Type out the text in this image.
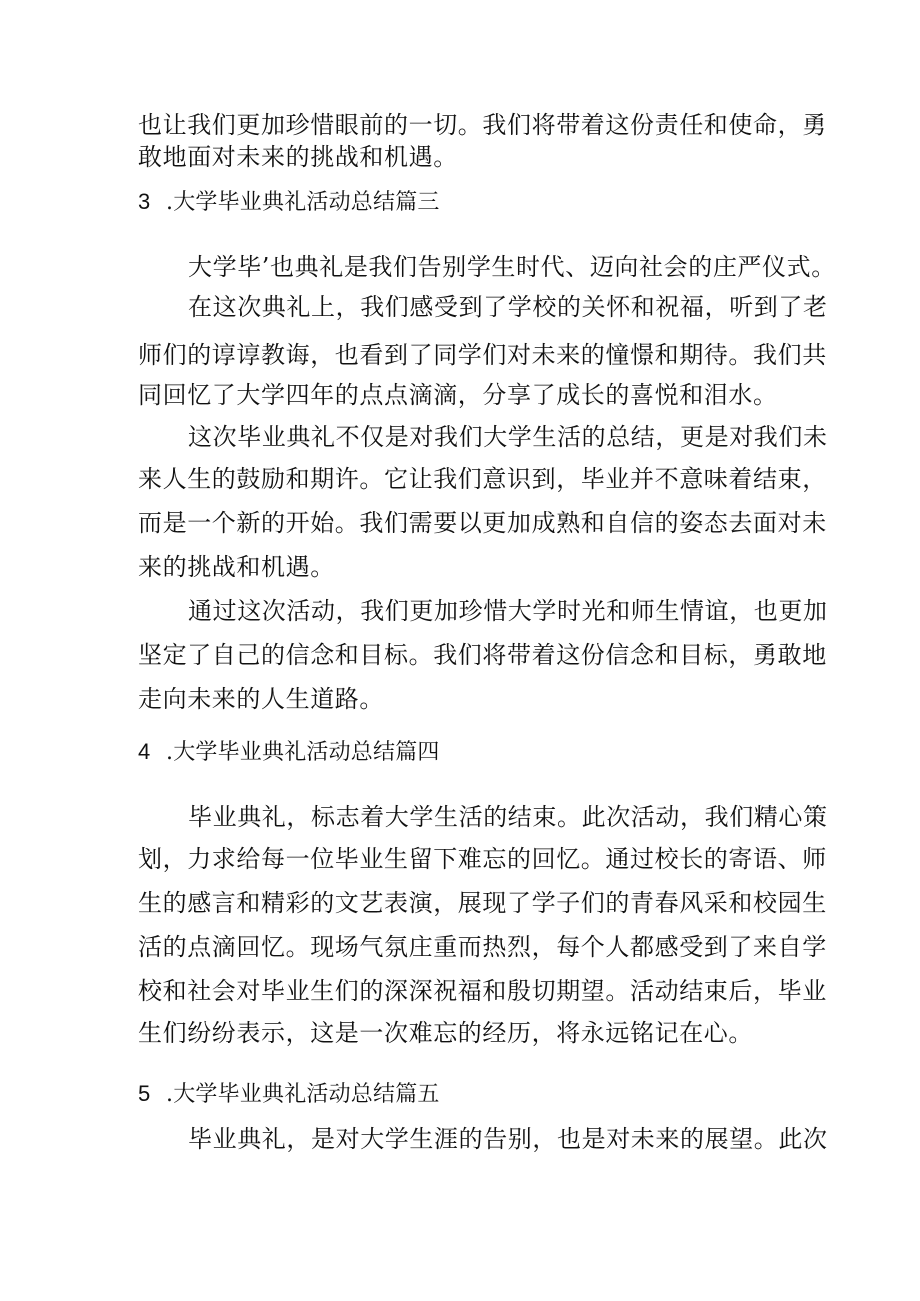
也让我们更加珍惜眼前的一切。我们将带着这份责任和使命，勇
敢地面对未来的挑战和机遇。
3 .大学毕业典礼活动总结篇三
大学毕’也典礼是我们告别学生时代、迈向社会的庄严仪式。
在这次典礼上，我们感受到了学校的关怀和祝福，听到了老
师们的谆谆教诲，也看到了同学们对未来的憧憬和期待。我们共
同回忆了大学四年的点点滴滴，分享了成长的喜悦和泪水。
这次毕业典礼不仅是对我们大学生活的总结，更是对我们未
来人生的鼓励和期许。它让我们意识到，毕业并不意味着结束，
而是一个新的开始。我们需要以更加成熟和自信的姿态去面对未
来的挑战和机遇。
通过这次活动，我们更加珍惜大学时光和师生情谊，也更加
坚定了自己的信念和目标。我们将带着这份信念和目标，勇敢地
走向未来的人生道路。
4 .大学毕业典礼活动总结篇四
毕业典礼，标志着大学生活的结束。此次活动，我们精心策
划，力求给每一位毕业生留下难忘的回忆。通过校长的寄语、师
生的感言和精彩的文艺表演，展现了学子们的青春风采和校园生
活的点滴回忆。现场气氛庄重而热烈，每个人都感受到了来自学
校和社会对毕业生们的深深祝福和殷切期望。活动结束后，毕业
生们纷纷表示，这是一次难忘的经历，将永远铭记在心。
5 .大学毕业典礼活动总结篇五
毕业典礼，是对大学生涯的告别，也是对未来的展望。此次
